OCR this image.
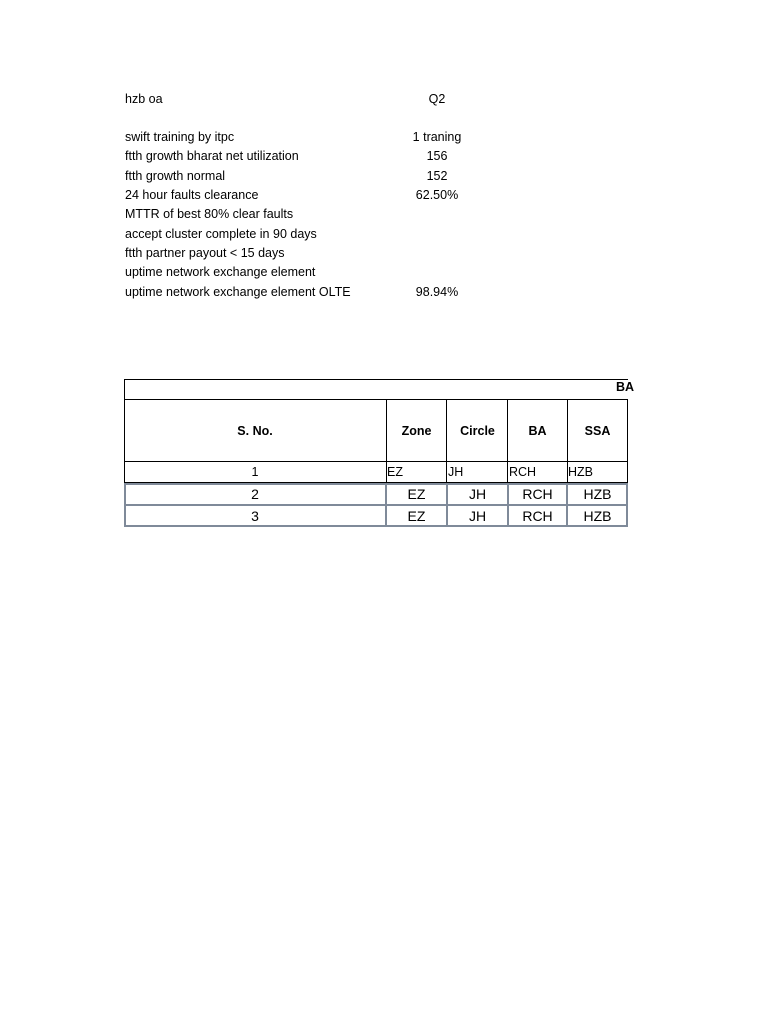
hzb oa	Q2
swift training by itpc	1 traning
ftth growth bharat net utilization	156
ftth growth normal	152
24 hour faults clearance	62.50%
MTTR of best 80% clear faults
accept cluster complete in 90 days
ftth partner payout < 15 days
uptime network exchange element
uptime network exchange element OLTE	98.94%
BA
S. No.	Zone	Circle	BA	SSA
1	EZ	JH	RCH	HZB
2	EZ	JH	RCH	HZB
3	EZ	JH	RCH	HZB
